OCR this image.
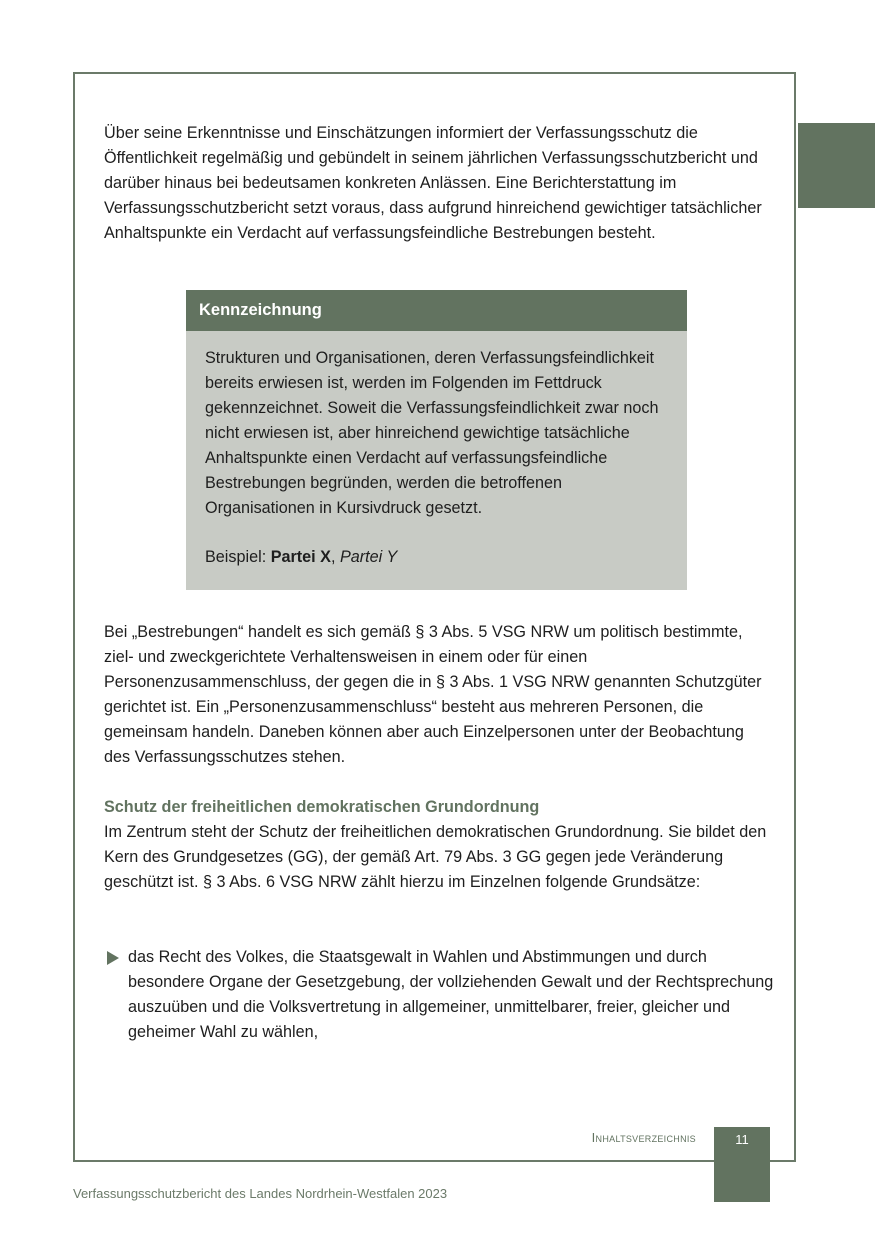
Über seine Erkenntnisse und Einschätzungen informiert der Verfassungsschutz die Öffentlichkeit regelmäßig und gebündelt in seinem jährlichen Verfassungsschutzbericht und darüber hinaus bei bedeutsamen konkreten Anlässen. Eine Berichterstattung im Verfassungsschutzbericht setzt voraus, dass aufgrund hinreichend gewichtiger tatsächlicher Anhaltspunkte ein Verdacht auf verfassungsfeindliche Bestrebungen besteht.

Kennzeichnung

Strukturen und Organisationen, deren Verfassungsfeindlichkeit bereits erwiesen ist, werden im Folgenden im Fettdruck gekennzeichnet. Soweit die Verfassungsfeindlichkeit zwar noch nicht erwiesen ist, aber hinreichend gewichtige tatsächliche Anhaltspunkte einen Verdacht auf verfassungsfeindliche Bestrebungen begründen, werden die betroffenen Organisationen in Kursivdruck gesetzt.

Beispiel: Partei X, Partei Y

Bei „Bestrebungen“ handelt es sich gemäß § 3 Abs. 5 VSG NRW um politisch bestimmte, ziel- und zweckgerichtete Verhaltensweisen in einem oder für einen Personenzusammenschluss, der gegen die in § 3 Abs. 1 VSG NRW genannten Schutzgüter gerichtet ist. Ein „Personenzusammenschluss“ besteht aus mehreren Personen, die gemeinsam handeln. Daneben können aber auch Einzelpersonen unter der Beobachtung des Verfassungsschutzes stehen.

Schutz der freiheitlichen demokratischen Grundordnung

Im Zentrum steht der Schutz der freiheitlichen demokratischen Grundordnung. Sie bildet den Kern des Grundgesetzes (GG), der gemäß Art. 79 Abs. 3 GG gegen jede Veränderung geschützt ist. § 3 Abs. 6 VSG NRW zählt hierzu im Einzelnen folgende Grundsätze:

das Recht des Volkes, die Staatsgewalt in Wahlen und Abstimmungen und durch besondere Organe der Gesetzgebung, der vollziehenden Gewalt und der Rechtsprechung auszuüben und die Volksvertretung in allgemeiner, unmittelbarer, freier, gleicher und geheimer Wahl zu wählen,
Inhaltsverzeichnis	11
Verfassungsschutzbericht des Landes Nordrhein-Westfalen 2023
